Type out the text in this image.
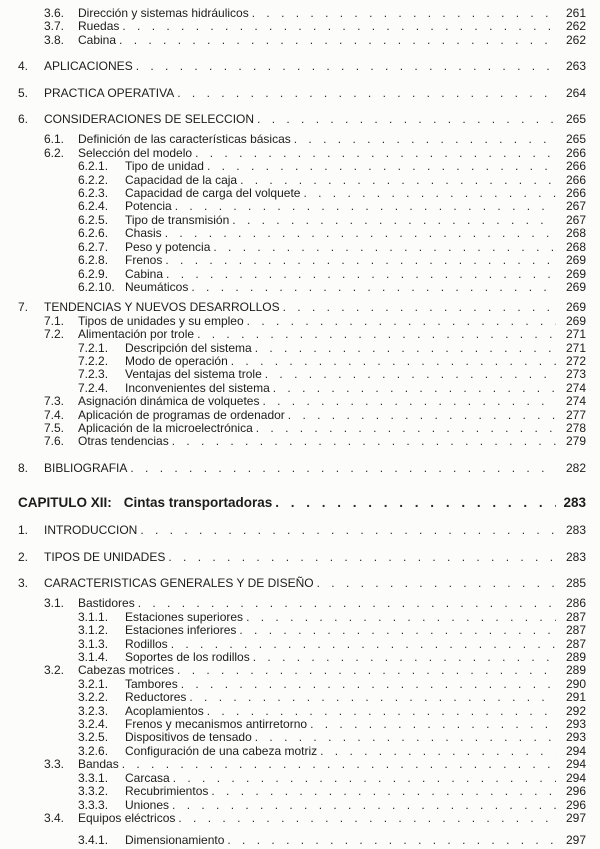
3.6.	Dirección y sistemas hidráulicos . . .	261
3.7.	Ruedas . . .	262
3.8.	Cabina . . .	262
4.	APLICACIONES . . .	263
5.	PRACTICA OPERATIVA . . .	264
6.	CONSIDERACIONES DE SELECCION . . .	265
6.1.	Definición de las características básicas . . .	265
6.2.	Selección del modelo . . .	266
6.2.1.	Tipo de unidad . . .	266
6.2.2.	Capacidad de la caja . . .	266
6.2.3.	Capacidad de carga del volquete . . .	266
6.2.4.	Potencia . . .	267
6.2.5.	Tipo de transmisión . . .	267
6.2.6.	Chasis . . .	268
6.2.7.	Peso y potencia . . .	268
6.2.8.	Frenos . . .	269
6.2.9.	Cabina . . .	269
6.2.10. Neumáticos . . .	269
7.	TENDENCIAS Y NUEVOS DESARROLLOS . . .	269
7.1.	Tipos de unidades y su empleo . . .	269
7.2.	Alimentación por trole . . .	271
7.2.1.	Descripción del sistema . . .	271
7.2.2.	Modo de operación . . .	272
7.2.3.	Ventajas del sistema trole . . .	273
7.2.4.	Inconvenientes del sistema . . .	274
7.3.	Asignación dinámica de volquetes . . .	274
7.4.	Aplicación de programas de ordenador . . .	277
7.5.	Aplicación de la microelectrónica . . .	278
7.6.	Otras tendencias . . .	279
8.	BIBLIOGRAFIA . . .	282
CAPITULO XII: Cintas transportadoras . . .	283
1.	INTRODUCCION . . .	283
2.	TIPOS DE UNIDADES . . .	283
3.	CARACTERISTICAS GENERALES Y DE DISEÑO . . .	285
3.1.	Bastidores . . .	286
3.1.1.	Estaciones superiores . . .	287
3.1.2.	Estaciones inferiores . . .	287
3.1.3.	Rodillos . . .	287
3.1.4.	Soportes de los rodillos . . .	289
3.2.	Cabezas motrices . . .	289
3.2.1.	Tambores . . .	290
3.2.2.	Reductores . . .	291
3.2.3.	Acoplamientos . . .	292
3.2.4.	Frenos y mecanismos antirretorno . . .	293
3.2.5.	Dispositivos de tensado . . .	293
3.2.6.	Configuración de una cabeza motriz . . .	294
3.3.	Bandas . . .	294
3.3.1.	Carcasa . . .	294
3.3.2.	Recubrimientos . . .	296
3.3.3.	Uniones . . .	296
3.4.	Equipos eléctricos . . .	297
3.4.1.	Dimensionamiento . . .	297
